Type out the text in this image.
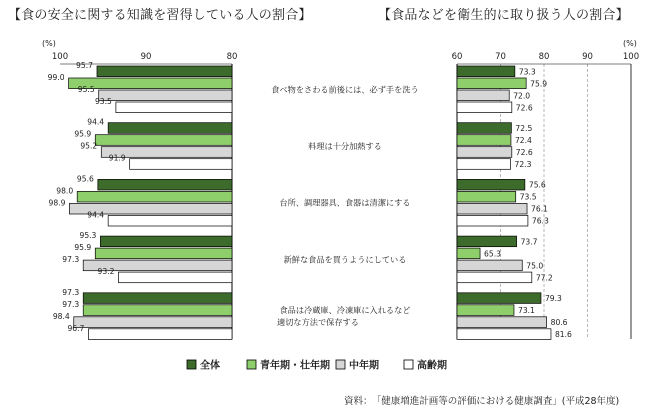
【食の安全に関する知識を習得している人の割合】	【食品などを衛生的に取り扱う人の割合】
100	90	80
(%)
60	70	80	90	100
(%)
95.7
73.3
99.0
75.9
95.5
72.0
93.5
72.6
食べ物をさわる前後には、必ず手を洗う
94.4
72.5
95.9
72.4
95.2
72.6
91.9
72.3
料理は十分加熱する
95.6
75.6
98.0
73.5
98.9
76.1
94.4
76.3
台所、調理器具、食器は清潔にする
95.3
73.7
95.9
65.3
97.3
75.0
93.2
77.2
新鮮な食品を買うようにしている
97.3
79.3
97.3
73.1
98.4
80.6
96.7
81.6
食品は冷蔵庫、冷凍庫に入れるなど
適切な方法で保存する
全体	青年期・壮年期 中年期	高齢期
資料： 「健康増進計画等の評価における健康調査」(平成28年度)
